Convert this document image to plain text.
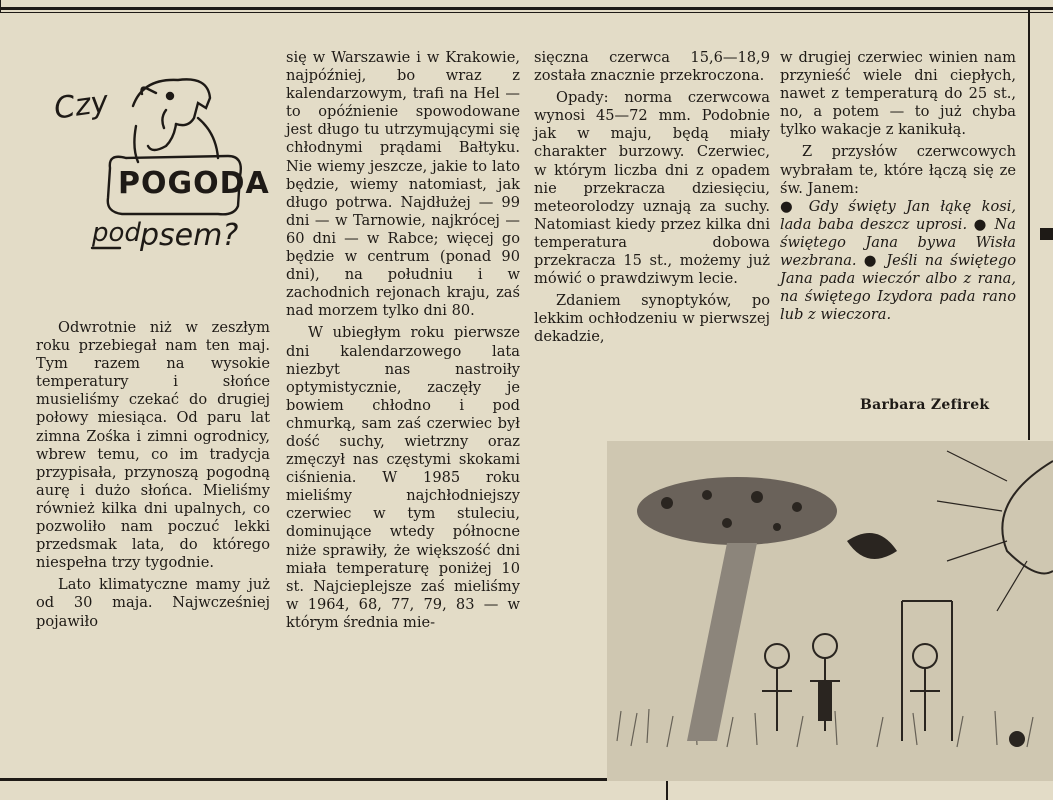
Czy
POGODA
pod psem?

Odwrotnie niż w zeszłym roku przebiegał nam ten maj. Tym razem na wysokie temperatury i słońce musieliśmy czekać do drugiej połowy miesiąca. Od paru lat zimna Zośka i zimni ogrodnicy, wbrew temu, co im tradycja przypisała, przynoszą pogodną aurę i dużo słońca. Mieliśmy również kilka dni upalnych, co pozwoliło nam poczuć lekki przedsmak lata, do którego niespełna trzy tygodnie.

Lato klimatyczne mamy już od 30 maja. Najwcześniej pojawiło

się w Warszawie i w Krakowie, najpóźniej, bo wraz z kalendarzowym, trafi na Hel — to opóźnienie spowodowane jest długo tu utrzymującymi się chłodnymi prądami Bałtyku. Nie wiemy jeszcze, jakie to lato będzie, wiemy natomiast, jak długo potrwa. Najdłużej — 99 dni — w Tarnowie, najkrócej — 60 dni — w Rabce; więcej go będzie w centrum (ponad 90 dni), na południu i w zachodnich rejonach kraju, zaś nad morzem tylko dni 80.

W ubiegłym roku pierwsze dni kalendarzowego lata niezbyt nas nastroiły optymistycznie, zaczęły je bowiem chłodno i pod chmurką, sam zaś czerwiec był dość suchy, wietrzny oraz zmęczył nas częstymi skokami ciśnienia. W 1985 roku mieliśmy najchłodniejszy czerwiec w tym stuleciu, dominujące wtedy północne niże sprawiły, że większość dni miała temperaturę poniżej 10 st. Najcieplejsze zaś mieliśmy w 1964, 68, 77, 79, 83 — w którym średnia mie-

sięczna czerwca 15,6—18,9 została znacznie przekroczona.

Opady: norma czerwcowa wynosi 45—72 mm. Podobnie jak w maju, będą miały charakter burzowy. Czerwiec, w którym liczba dni z opadem nie przekracza dziesięciu, meteorolodzy uznają za suchy. Natomiast kiedy przez kilka dni temperatura dobowa przekracza 15 st., możemy już mówić o prawdziwym lecie.

Zdaniem synoptyków, po lekkim ochłodzeniu w pierwszej dekadzie,

w drugiej czerwiec winien nam przynieść wiele dni ciepłych, nawet z temperaturą do 25 st., no, a potem — to już chyba tylko wakacje z kanikułą.

Z przysłów czerwcowych wybrałam te, które łączą się ze św. Janem:

● Gdy święty Jan łąkę kosi, lada baba deszcz uprosi. ● Na świętego Jana bywa Wisła wezbrana. ● Jeśli na świętego Jana pada wieczór albo z rana, na świętego Izydora pada rano lub z wieczora.

Barbara Zefirek
